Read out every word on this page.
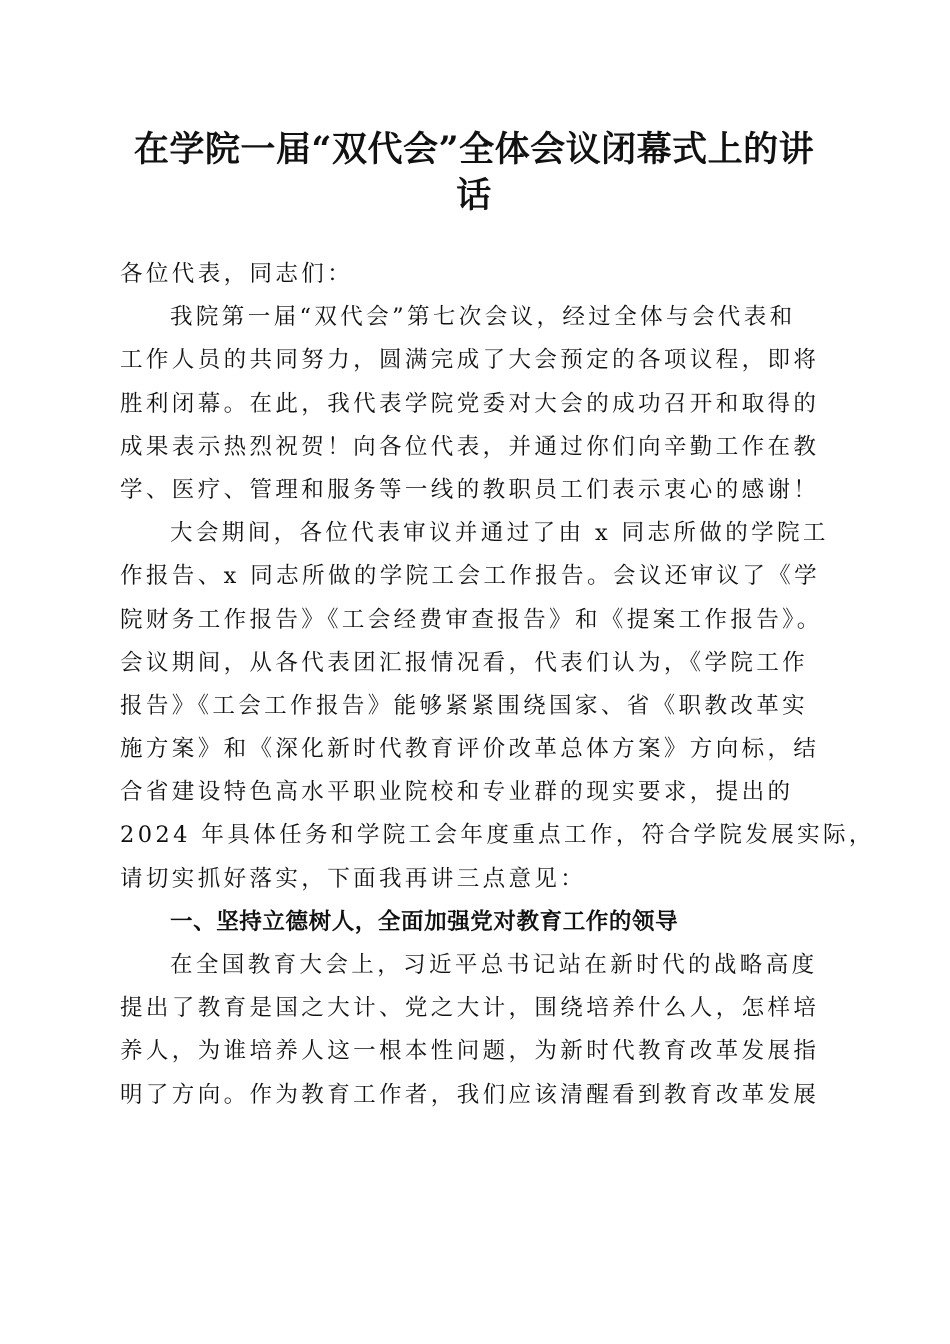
在学院一届“双代会”全体会议闭幕式上的讲
话
各位代表，同志们：
我院第一届“双代会”第七次会议，经过全体与会代表和
工作人员的共同努力，圆满完成了大会预定的各项议程，即将
胜利闭幕。在此，我代表学院党委对大会的成功召开和取得的
成果表示热烈祝贺！向各位代表，并通过你们向辛勤工作在教
学、医疗、管理和服务等一线的教职员工们表示衷心的感谢！
大会期间，各位代表审议并通过了由 x 同志所做的学院工
作报告、x 同志所做的学院工会工作报告。会议还审议了《学
院财务工作报告》《工会经费审查报告》和《提案工作报告》。
会议期间，从各代表团汇报情况看，代表们认为，《学院工作
报告》《工会工作报告》能够紧紧围绕国家、省《职教改革实
施方案》和《深化新时代教育评价改革总体方案》方向标，结
合省建设特色高水平职业院校和专业群的现实要求，提出的
2024 年具体任务和学院工会年度重点工作，符合学院发展实际，
请切实抓好落实，下面我再讲三点意见：
一、坚持立德树人，全面加强党对教育工作的领导
在全国教育大会上，习近平总书记站在新时代的战略高度
提出了教育是国之大计、党之大计，围绕培养什么人，怎样培
养人，为谁培养人这一根本性问题，为新时代教育改革发展指
明了方向。作为教育工作者，我们应该清醒看到教育改革发展
